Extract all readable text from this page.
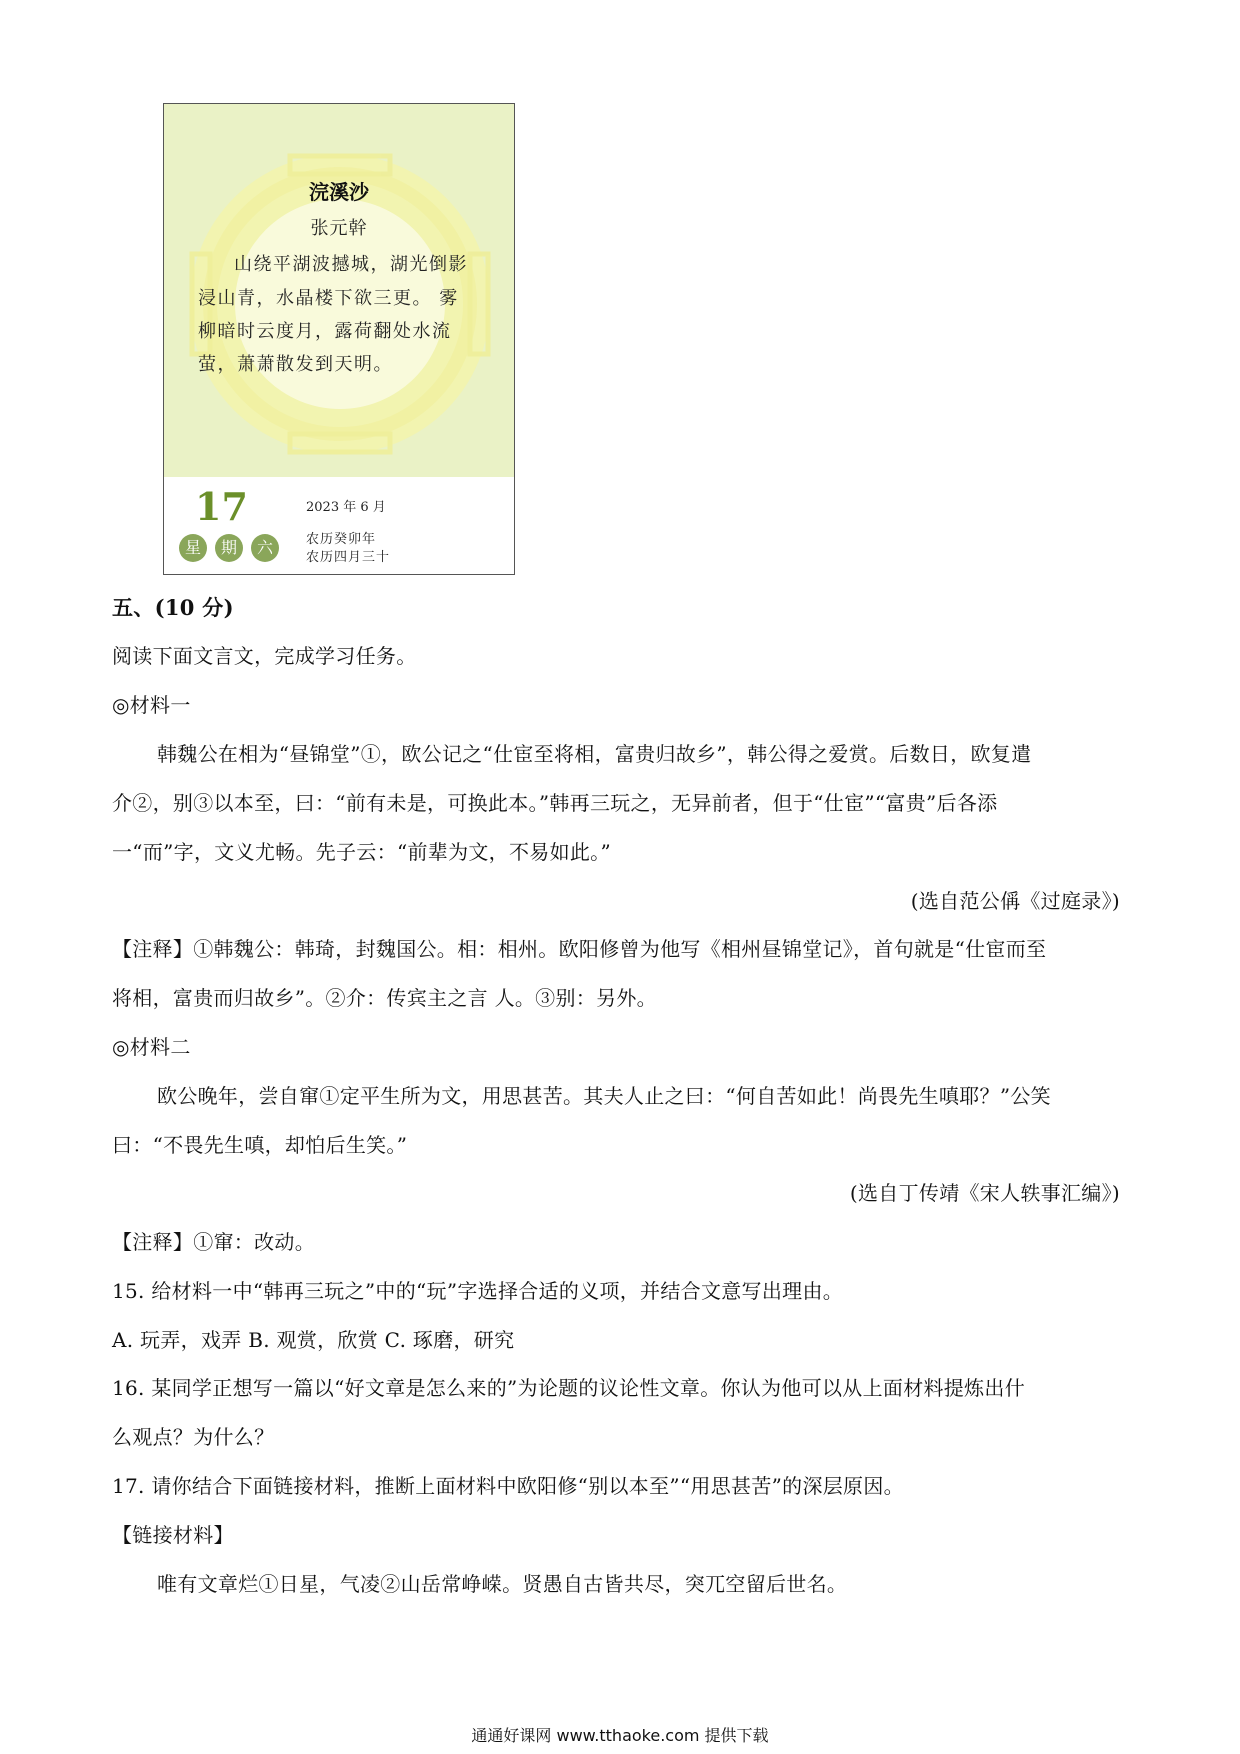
浣溪沙
张元幹
山绕平湖波撼城，湖光倒影
浸山青，水晶楼下欲三更。 雾
柳暗时云度月，露荷翻处水流
萤，萧萧散发到天明。
17	2023 年 6 月
农历癸卯年
农历四月三十
星	期	六
五、(10 分)
阅读下面文言文，完成学习任务。
◎材料一
韩魏公在相为“昼锦堂”①，欧公记之“仕宦至将相，富贵归故乡”，韩公得之爱赏。后数日，欧复遣
介②，别③以本至，曰：“前有未是，可换此本。”韩再三玩之，无异前者，但于“仕宦”“富贵”后各添
一“而”字，文义尤畅。先子云：“前辈为文，不易如此。”
(选自范公偁《过庭录》)
【注释】①韩魏公：韩琦，封魏国公。相：相州。欧阳修曾为他写《相州昼锦堂记》，首句就是“仕宦而至
将相，富贵而归故乡”。②介：传宾主之言 人。③别：另外。
◎材料二
欧公晚年，尝自窜①定平生所为文，用思甚苦。其夫人止之曰：“何自苦如此！尚畏先生嗔耶？”公笑
曰：“不畏先生嗔，却怕后生笑。”
(选自丁传靖《宋人轶事汇编》)
【注释】①窜：改动。
15. 给材料一中“韩再三玩之”中的“玩”字选择合适的义项，并结合文意写出理由。
A. 玩弄，戏弄 B. 观赏，欣赏 C. 琢磨，研究
16. 某同学正想写一篇以“好文章是怎么来的”为论题的议论性文章。你认为他可以从上面材料提炼出什
么观点？为什么？
17. 请你结合下面链接材料，推断上面材料中欧阳修“别以本至”“用思甚苦”的深层原因。
【链接材料】
唯有文章烂①日星，气凌②山岳常峥嵘。贤愚自古皆共尽，突兀空留后世名。
通通好课网 www.tthaoke.com 提供下载
